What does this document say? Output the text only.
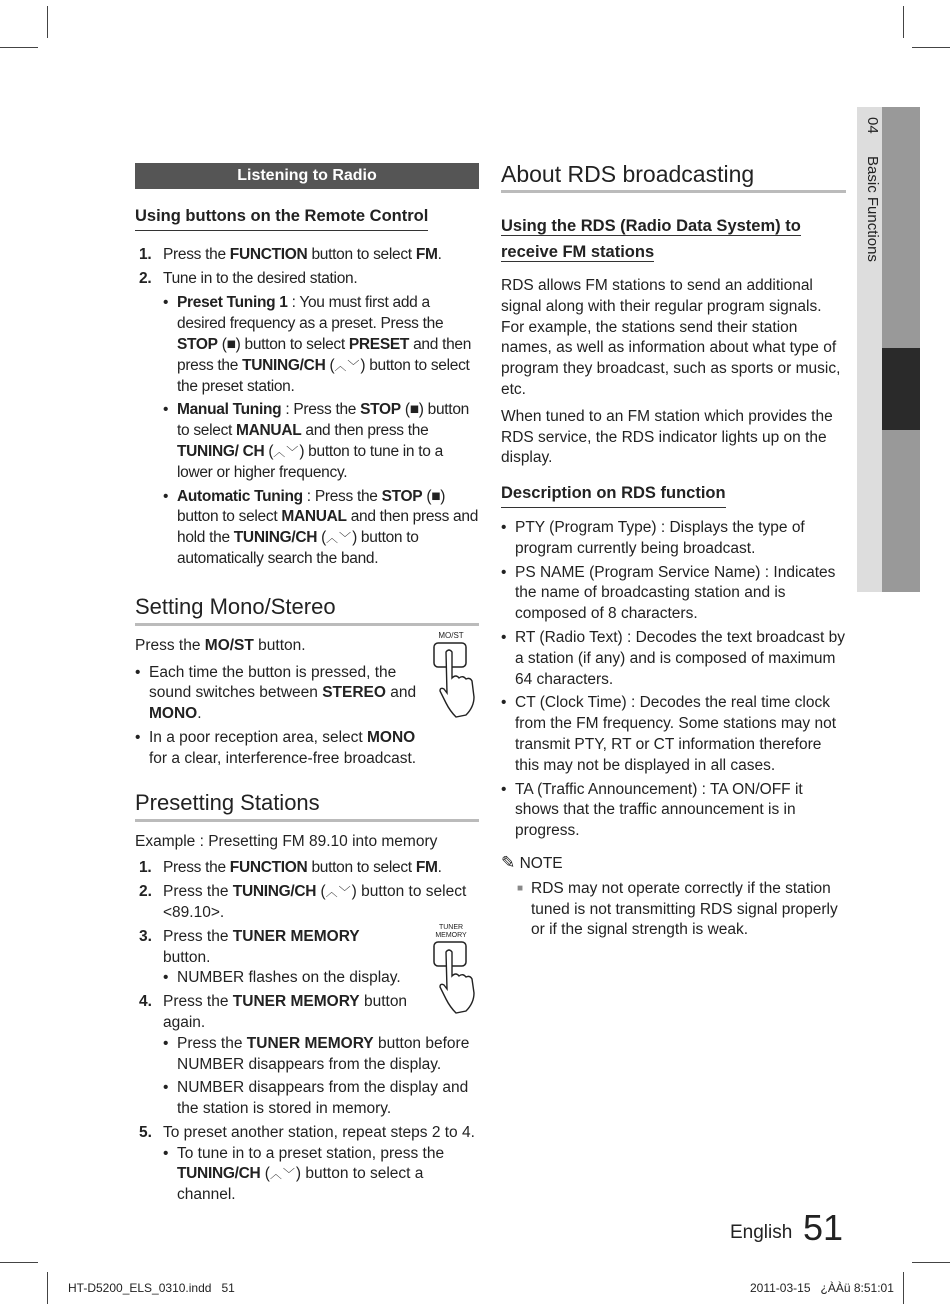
04  Basic Functions
Listening to Radio
Using buttons on the Remote Control
1. Press the FUNCTION button to select FM.
2. Tune in to the desired station.
• Preset Tuning 1 : You must first add a desired frequency as a preset. Press the STOP (■) button to select PRESET and then press the TUNING/CH (︿﹀) button to select the preset station.
• Manual Tuning : Press the STOP (■) button to select MANUAL and then press the TUNING/ CH (︿﹀) button to tune in to a lower or higher frequency.
• Automatic Tuning : Press the STOP (■) button to select MANUAL and then press and hold the TUNING/CH (︿﹀) button to automatically search the band.
Setting Mono/Stereo

Press the MO/ST button.

• Each time the button is pressed, the sound switches between STEREO and MONO.
• In a poor reception area, select MONO for a clear, interference-free broadcast.
MO/ST
Presetting Stations

Example : Presetting FM 89.10 into memory

1. Press the FUNCTION button to select FM.
2. Press the TUNING/CH (︿﹀) button to select <89.10>.
3. Press the TUNER MEMORY button.
• NUMBER flashes on the display.
4. Press the TUNER MEMORY button again.
• Press the TUNER MEMORY button before NUMBER disappears from the display.
• NUMBER disappears from the display and the station is stored in memory.
5. To preset another station, repeat steps 2 to 4.
• To tune in to a preset station, press the TUNING/CH (︿﹀) button to select a channel.
TUNER
MEMORY
About RDS broadcasting
Using the RDS (Radio Data System) to receive FM stations

RDS allows FM stations to send an additional signal along with their regular program signals. For example, the stations send their station names, as well as information about what type of program they broadcast, such as sports or music, etc.

When tuned to an FM station which provides the RDS service, the RDS indicator lights up on the display.

Description on RDS function
• PTY (Program Type) : Displays the type of program currently being broadcast.
• PS NAME (Program Service Name) : Indicates the name of broadcasting station and is composed of 8 characters.
• RT (Radio Text) : Decodes the text broadcast by a station (if any) and is composed of maximum 64 characters.
• CT (Clock Time) : Decodes the real time clock from the FM frequency. Some stations may not transmit PTY, RT or CT information therefore this may not be displayed in all cases.
• TA (Traffic Announcement) : TA ON/OFF it shows that the traffic announcement is in progress.
✎ NOTE
■ RDS may not operate correctly if the station tuned is not transmitting RDS signal properly or if the signal strength is weak.
English 51
HT-D5200_ELS_0310.indd   51	2011-03-15   ¿ÀÀü 8:51:01
